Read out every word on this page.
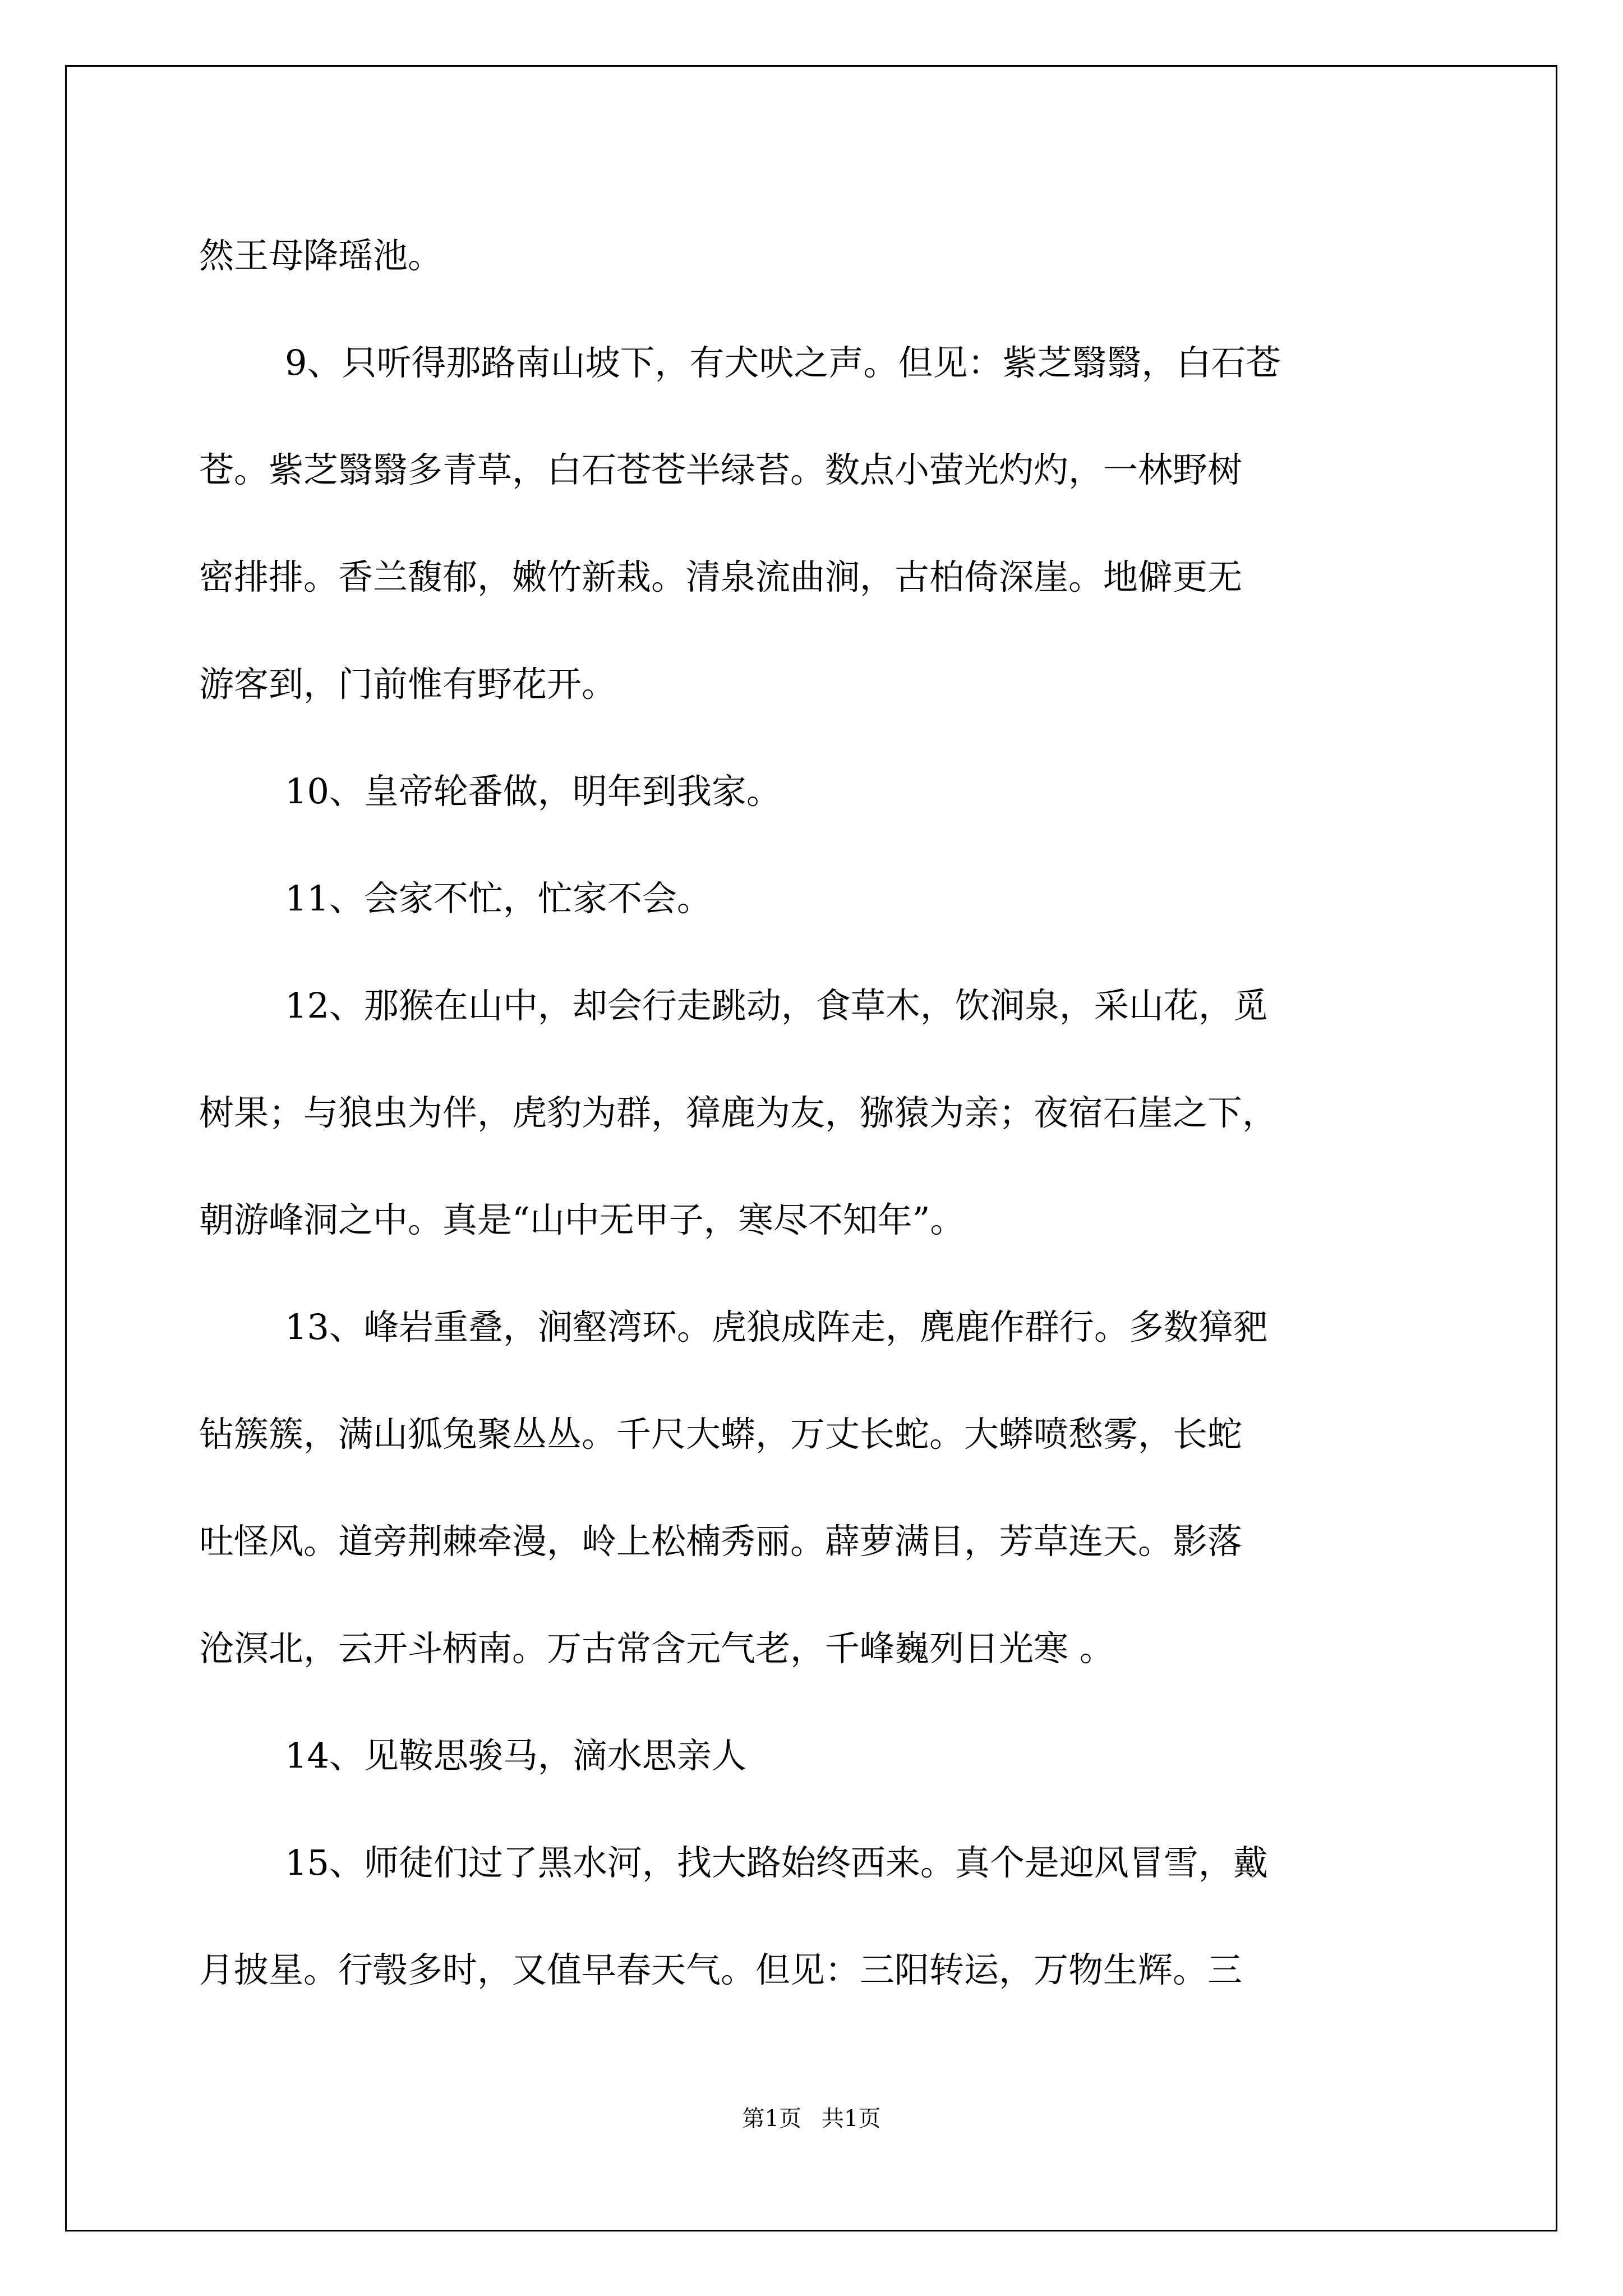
然王母降瑶池。
9、只听得那路南山坡下，有犬吠之声。但见：紫芝翳翳，白石苍
苍。紫芝翳翳多青草，白石苍苍半绿苔。数点小萤光灼灼，一林野树
密排排。香兰馥郁，嫩竹新栽。清泉流曲涧，古柏倚深崖。地僻更无
游客到，门前惟有野花开。
10、皇帝轮番做，明年到我家。
11、会家不忙，忙家不会。
12、那猴在山中，却会行走跳动，食草木，饮涧泉，采山花，觅
树果；与狼虫为伴，虎豹为群，獐鹿为友，猕猿为亲；夜宿石崖之下，
朝游峰洞之中。真是“山中无甲子，寒尽不知年”。
13、峰岩重叠，涧壑湾环。虎狼成阵走，麂鹿作群行。多数獐豝
钻簇簇，满山狐兔聚丛丛。千尺大蟒，万丈长蛇。大蟒喷愁雾，长蛇
吐怪风。道旁荆棘牵漫，岭上松楠秀丽。薜萝满目，芳草连天。影落
沧溟北，云开斗柄南。万古常含元气老，千峰巍列日光寒 。
14、见鞍思骏马，滴水思亲人
15、师徒们过了黑水河，找大路始终西来。真个是迎风冒雪，戴
月披星。行彀多时，又值早春天气。但见：三阳转运，万物生辉。三
第1页 共1页
